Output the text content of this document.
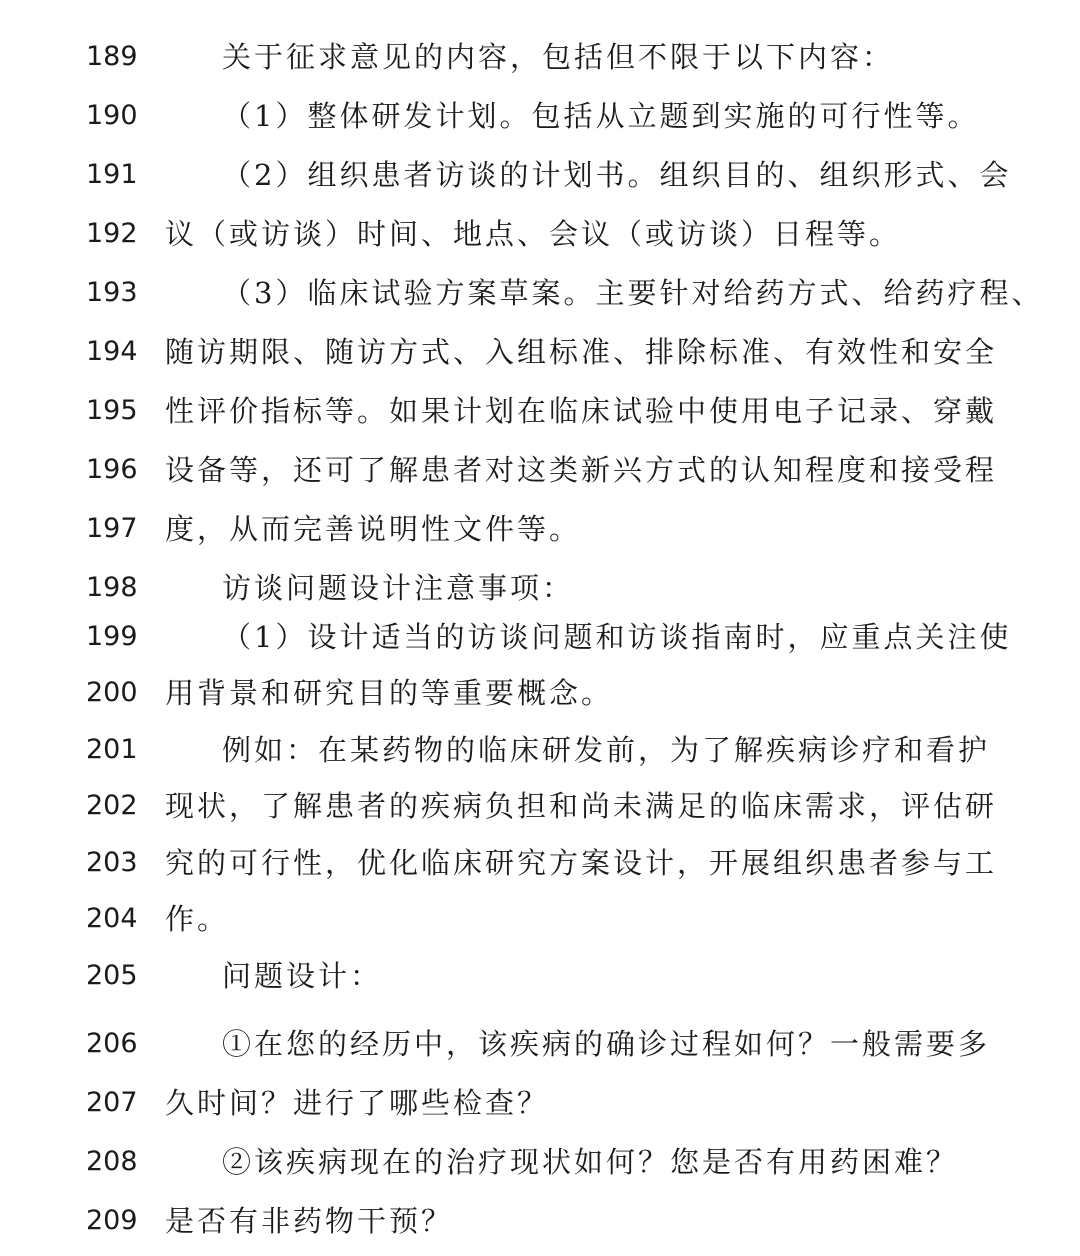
189	关于征求意见的内容，包括但不限于以下内容：
190	（1）整体研发计划。包括从立题到实施的可行性等。
191	（2）组织患者访谈的计划书。组织目的、组织形式、会
192 议（或访谈）时间、地点、会议（或访谈）日程等。
193	（3）临床试验方案草案。主要针对给药方式、给药疗程、
194 随访期限、随访方式、入组标准、排除标准、有效性和安全
195 性评价指标等。如果计划在临床试验中使用电子记录、穿戴
196 设备等，还可了解患者对这类新兴方式的认知程度和接受程
197 度，从而完善说明性文件等。
198	访谈问题设计注意事项：
199	（1）设计适当的访谈问题和访谈指南时，应重点关注使
200 用背景和研究目的等重要概念。
201	例如：在某药物的临床研发前，为了解疾病诊疗和看护
202 现状，了解患者的疾病负担和尚未满足的临床需求，评估研
203 究的可行性，优化临床研究方案设计，开展组织患者参与工
204 作。
205	问题设计：
206	①在您的经历中，该疾病的确诊过程如何？一般需要多
207 久时间？进行了哪些检查？
208	②该疾病现在的治疗现状如何？您是否有用药困难？
209 是否有非药物干预？
